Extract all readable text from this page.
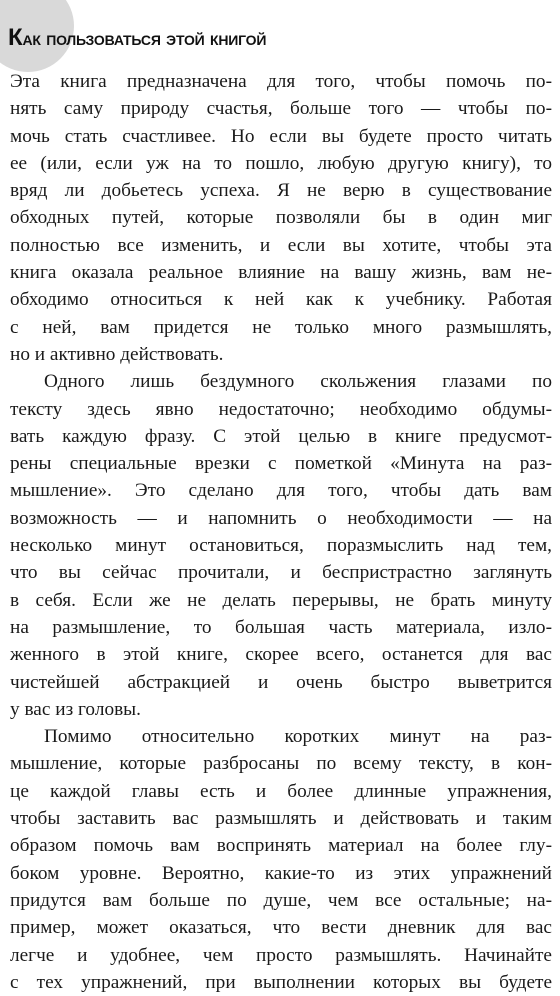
Как пользоваться этой книгой

Эта книга предназначена для того, чтобы помочь по-
нять саму природу счастья, больше того — чтобы по-
мочь стать счастливее. Но если вы будете просто читать
ее (или, если уж на то пошло, любую другую книгу), то
вряд ли добьетесь успеха. Я не верю в существование
обходных путей, которые позволяли бы в один миг
полностью все изменить, и если вы хотите, чтобы эта
книга оказала реальное влияние на вашу жизнь, вам не-
обходимо относиться к ней как к учебнику. Работая
с ней, вам придется не только много размышлять,
но и активно действовать.

Одного лишь бездумного скольжения глазами по
тексту здесь явно недостаточно; необходимо обдумы-
вать каждую фразу. С этой целью в книге предусмот-
рены специальные врезки с пометкой «Минута на раз-
мышление». Это сделано для того, чтобы дать вам
возможность — и напомнить о необходимости — на
несколько минут остановиться, поразмыслить над тем,
что вы сейчас прочитали, и беспристрастно заглянуть
в себя. Если же не делать перерывы, не брать минуту
на размышление, то большая часть материала, изло-
женного в этой книге, скорее всего, останется для вас
чистейшей абстракцией и очень быстро выветрится
у вас из головы.

Помимо относительно коротких минут на раз-
мышление, которые разбросаны по всему тексту, в кон-
це каждой главы есть и более длинные упражнения,
чтобы заставить вас размышлять и действовать и таким
образом помочь вам воспринять материал на более глу-
боком уровне. Вероятно, какие-то из этих упражнений
придутся вам больше по душе, чем все остальные; на-
пример, может оказаться, что вести дневник для вас
легче и удобнее, чем просто размышлять. Начинайте
с тех упражнений, при выполнении которых вы будете
